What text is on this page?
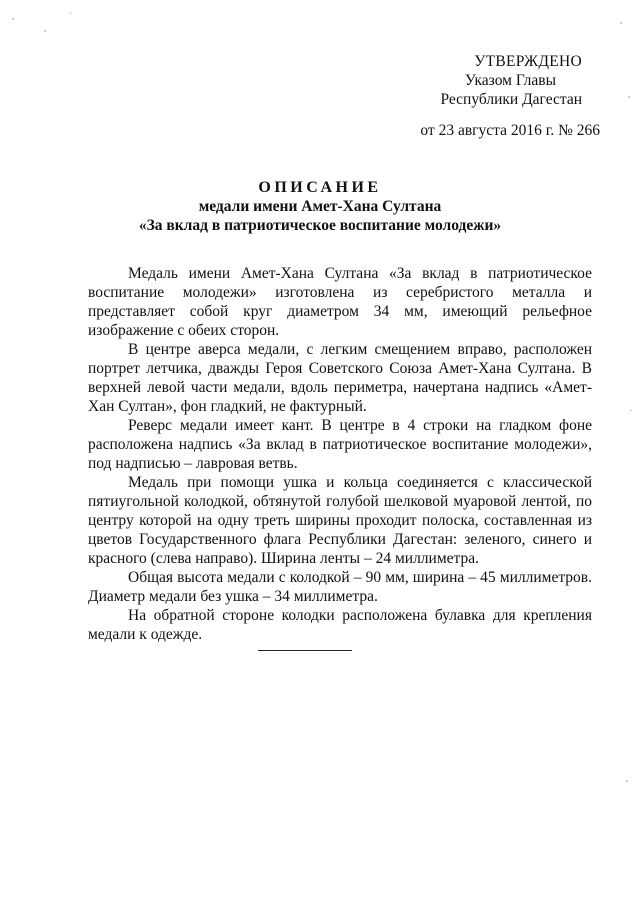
УТВЕРЖДЕНО
Указом Главы
Республики Дагестан
от 23 августа 2016 г. № 266
ОПИСАНИЕ
медали имени Амет-Хана Султана
«За вклад в патриотическое воспитание молодежи»

Медаль имени Амет-Хана Султана «За вклад в патриотическое воспитание молодежи» изготовлена из серебристого металла и представляет собой круг диаметром 34 мм, имеющий рельефное изображение с обеих сторон.

В центре аверса медали, с легким смещением вправо, расположен портрет летчика, дважды Героя Советского Союза Амет-Хана Султана. В верхней левой части медали, вдоль периметра, начертана надпись «Амет-Хан Султан», фон гладкий, не фактурный.

Реверс медали имеет кант. В центре в 4 строки на гладком фоне расположена надпись «За вклад в патриотическое воспитание молодежи», под надписью – лавровая ветвь.

Медаль при помощи ушка и кольца соединяется с классической пятиугольной колодкой, обтянутой голубой шелковой муаровой лентой, по центру которой на одну треть ширины проходит полоска, составленная из цветов Государственного флага Республики Дагестан: зеленого, синего и красного (слева направо). Ширина ленты – 24 миллиметра.

Общая высота медали с колодкой – 90 мм, ширина – 45 миллиметров. Диаметр медали без ушка – 34 миллиметра.

На обратной стороне колодки расположена булавка для крепления медали к одежде.
